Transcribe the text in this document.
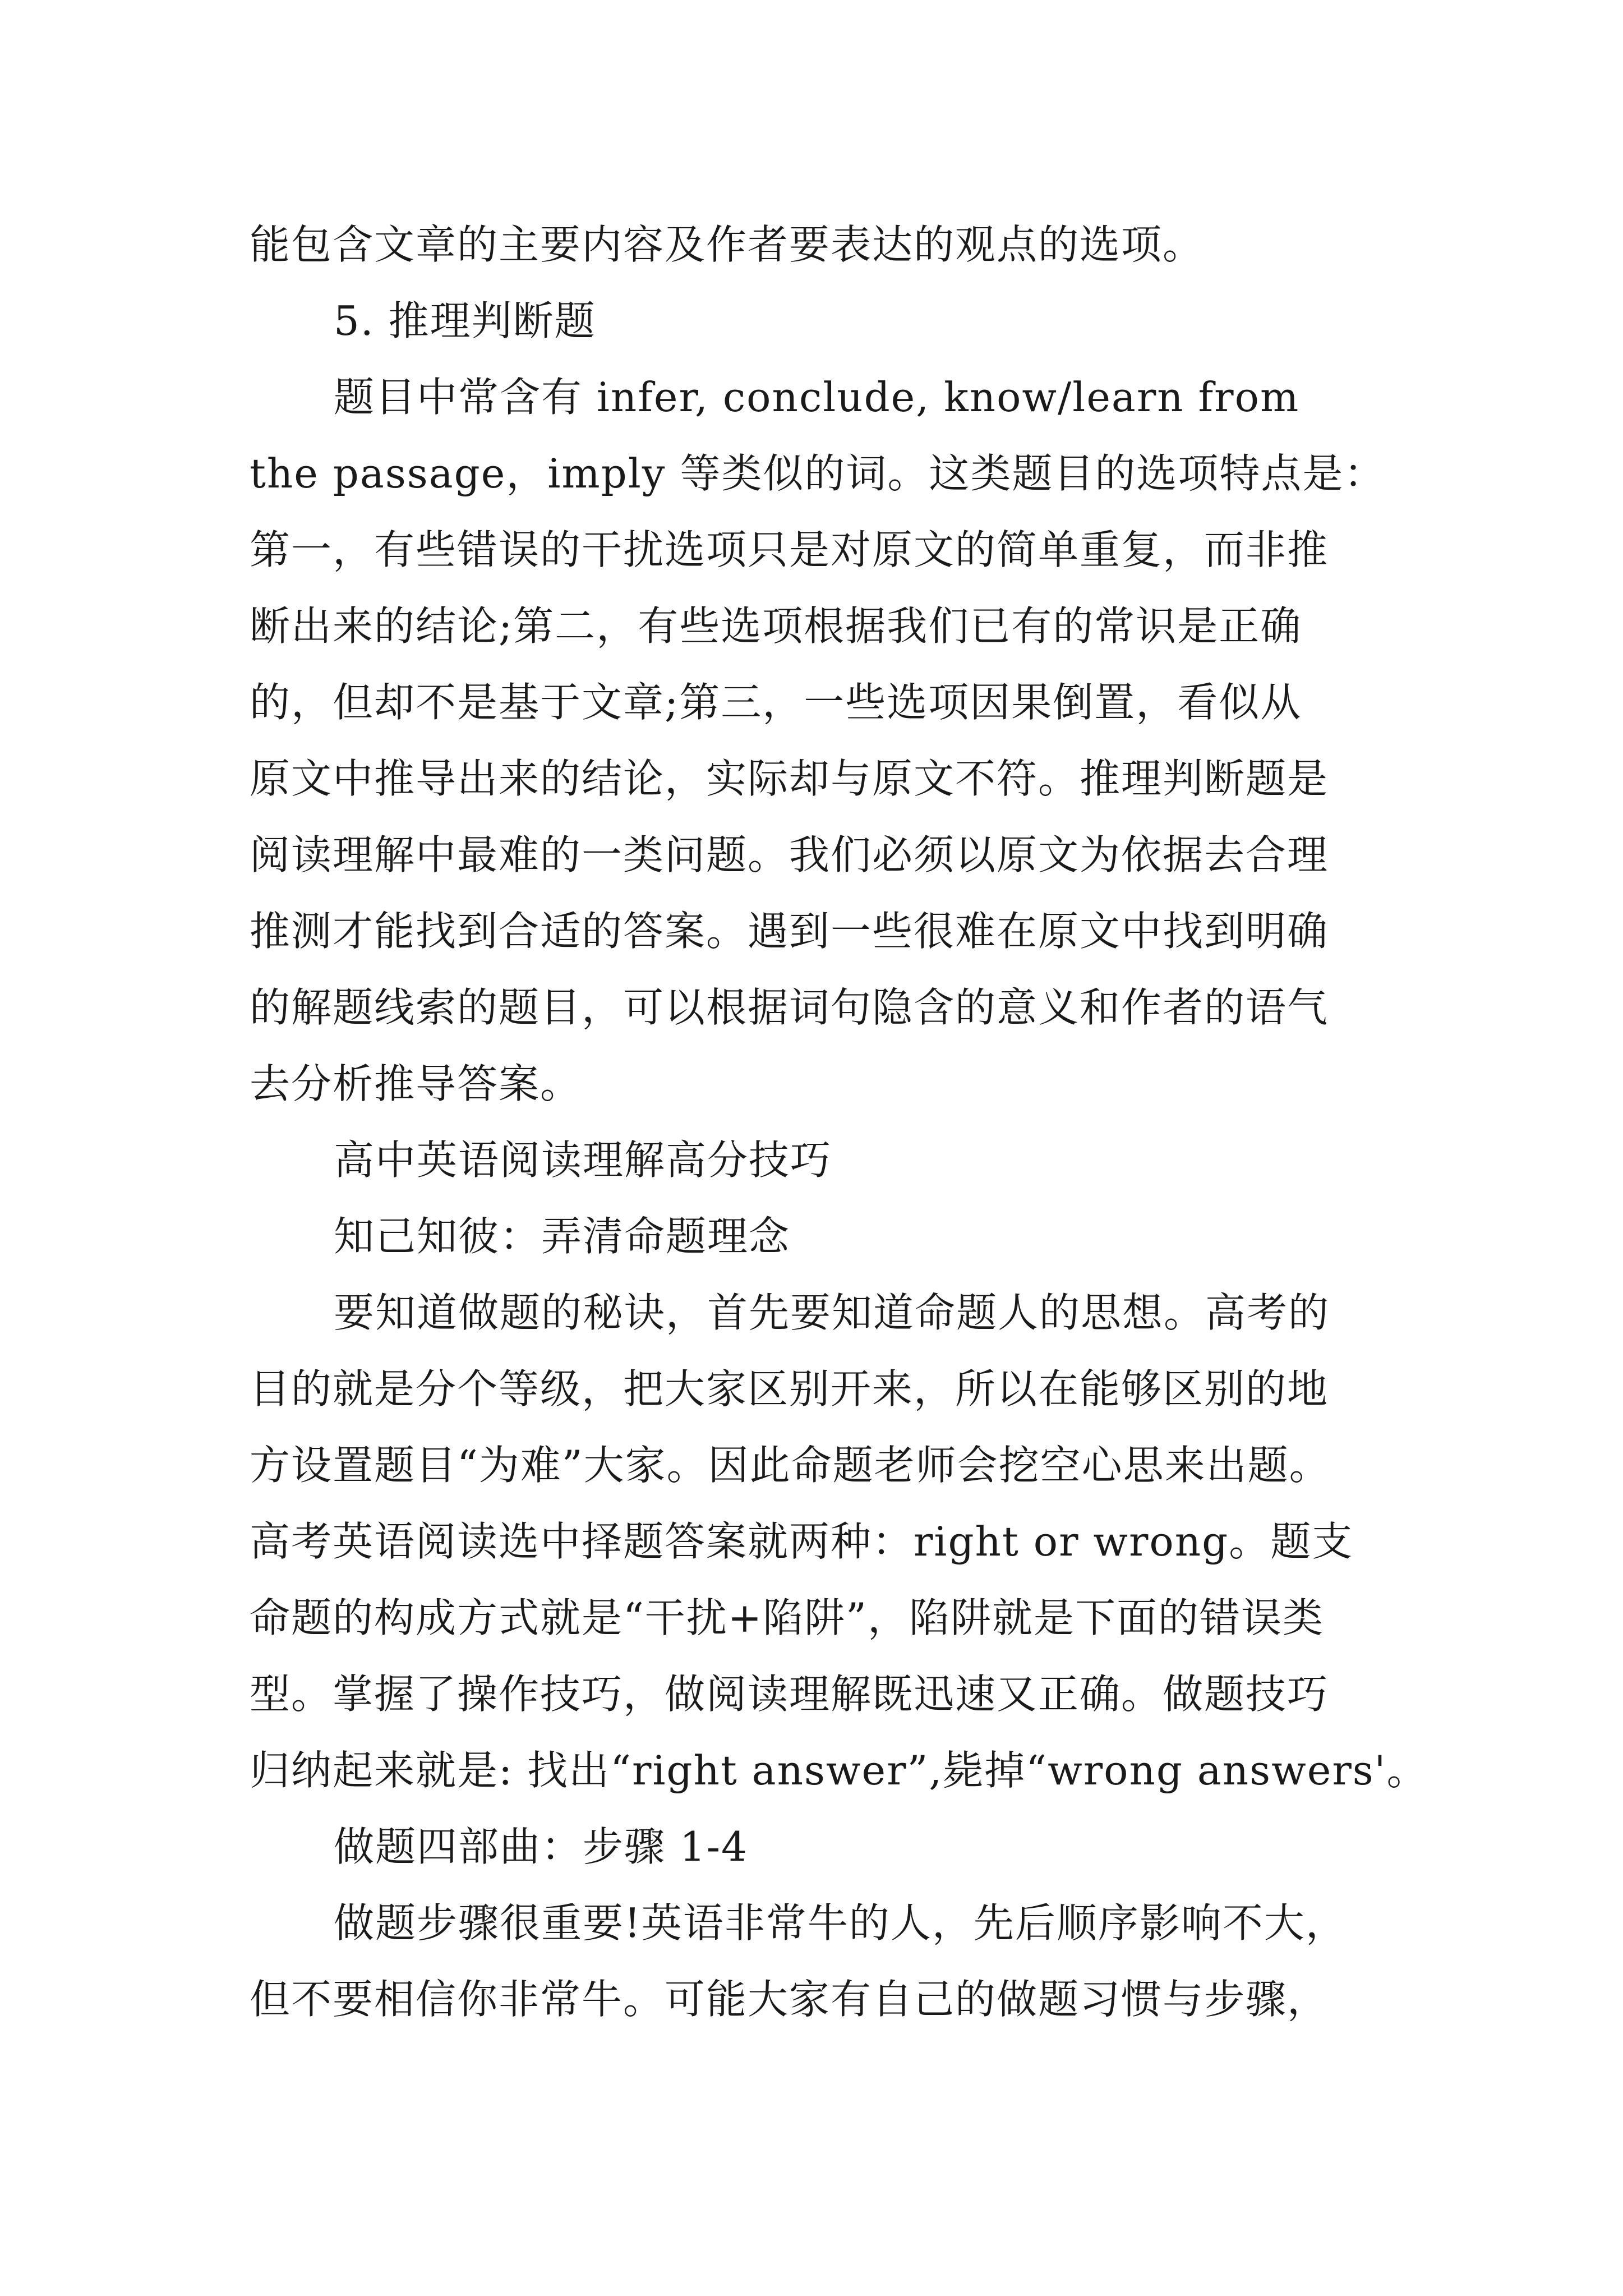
能包含文章的主要内容及作者要表达的观点的选项。
5. 推理判断题
题目中常含有 infer, conclude, know/learn from
the passage，imply 等类似的词。这类题目的选项特点是：
第一，有些错误的干扰选项只是对原文的简单重复，而非推
断出来的结论;第二，有些选项根据我们已有的常识是正确
的，但却不是基于文章;第三，一些选项因果倒置，看似从
原文中推导出来的结论，实际却与原文不符。推理判断题是
阅读理解中最难的一类问题。我们必须以原文为依据去合理
推测才能找到合适的答案。遇到一些很难在原文中找到明确
的解题线索的题目，可以根据词句隐含的意义和作者的语气
去分析推导答案。
高中英语阅读理解高分技巧
知己知彼：弄清命题理念
要知道做题的秘诀，首先要知道命题人的思想。高考的
目的就是分个等级，把大家区别开来，所以在能够区别的地
方设置题目“为难”大家。因此命题老师会挖空心思来出题。
高考英语阅读选中择题答案就两种：right or wrong。题支
命题的构成方式就是“干扰+陷阱”，陷阱就是下面的错误类
型。掌握了操作技巧，做阅读理解既迅速又正确。做题技巧
归纳起来就是: 找出“right answer”,毙掉“wrong answers'。
做题四部曲：步骤 1-4
做题步骤很重要!英语非常牛的人，先后顺序影响不大，
但不要相信你非常牛。可能大家有自己的做题习惯与步骤，
